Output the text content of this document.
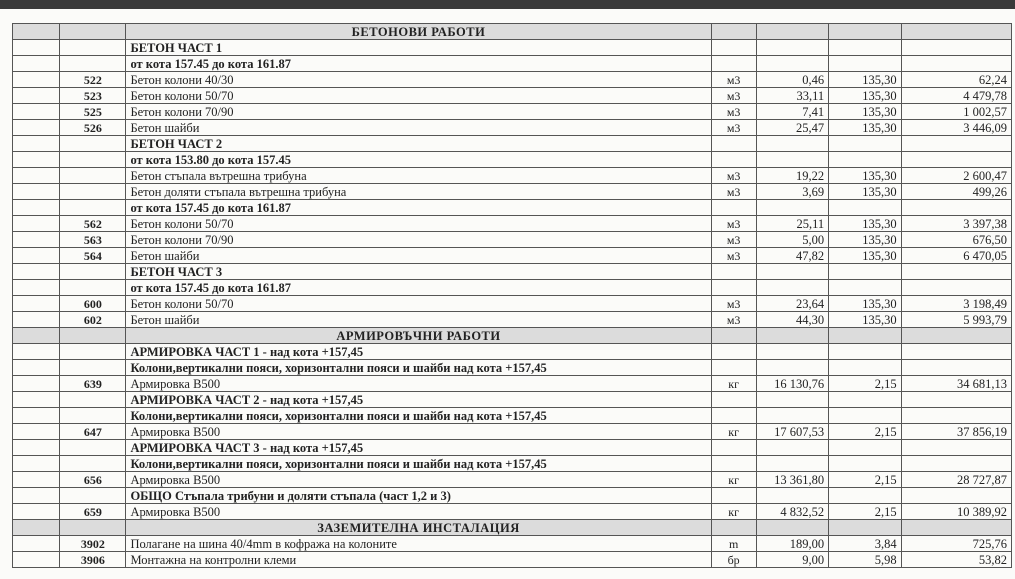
		БЕТОНОВИ РАБОТИ				
		БЕТОН ЧАСТ 1				
		от кота 157.45 до кота 161.87				
	522	Бетон колони 40/30	м3	0,46	135,30	62,24
	523	Бетон колони 50/70	м3	33,11	135,30	4 479,78
	525	Бетон колони 70/90	м3	7,41	135,30	1 002,57
	526	Бетон шайби	м3	25,47	135,30	3 446,09
		БЕТОН ЧАСТ 2				
		от кота 153.80 до кота 157.45				
		Бетон стъпала вътрешна трибуна	м3	19,22	135,30	2 600,47
		Бетон доляти стъпала вътрешна трибуна	м3	3,69	135,30	499,26
		от кота 157.45 до кота 161.87				
	562	Бетон колони 50/70	м3	25,11	135,30	3 397,38
	563	Бетон колони 70/90	м3	5,00	135,30	676,50
	564	Бетон шайби	м3	47,82	135,30	6 470,05
		БЕТОН ЧАСТ 3				
		от кота 157.45 до кота 161.87				
	600	Бетон колони 50/70	м3	23,64	135,30	3 198,49
	602	Бетон шайби	м3	44,30	135,30	5 993,79
		АРМИРОВЪЧНИ РАБОТИ				
		АРМИРОВКА ЧАСТ 1 - над кота +157,45				
		Колони,вертикални пояси, хоризонтални пояси и шайби над кота +157,45				
	639	Армировка В500	кг	16 130,76	2,15	34 681,13
		АРМИРОВКА ЧАСТ 2 - над кота +157,45				
		Колони,вертикални пояси, хоризонтални пояси и шайби над кота +157,45				
	647	Армировка В500	кг	17 607,53	2,15	37 856,19
		АРМИРОВКА ЧАСТ 3 - над кота +157,45				
		Колони,вертикални пояси, хоризонтални пояси и шайби над кота +157,45				
	656	Армировка В500	кг	13 361,80	2,15	28 727,87
		ОБЩО Стъпала трибуни и доляти стъпала (част 1,2 и 3)				
	659	Армировка В500	кг	4 832,52	2,15	10 389,92
		ЗАЗЕМИТЕЛНА ИНСТАЛАЦИЯ				
	3902	Полагане на шина 40/4mm в кофража на колоните	m	189,00	3,84	725,76
	3906	Монтажна на контролни клеми	бр	9,00	5,98	53,82
